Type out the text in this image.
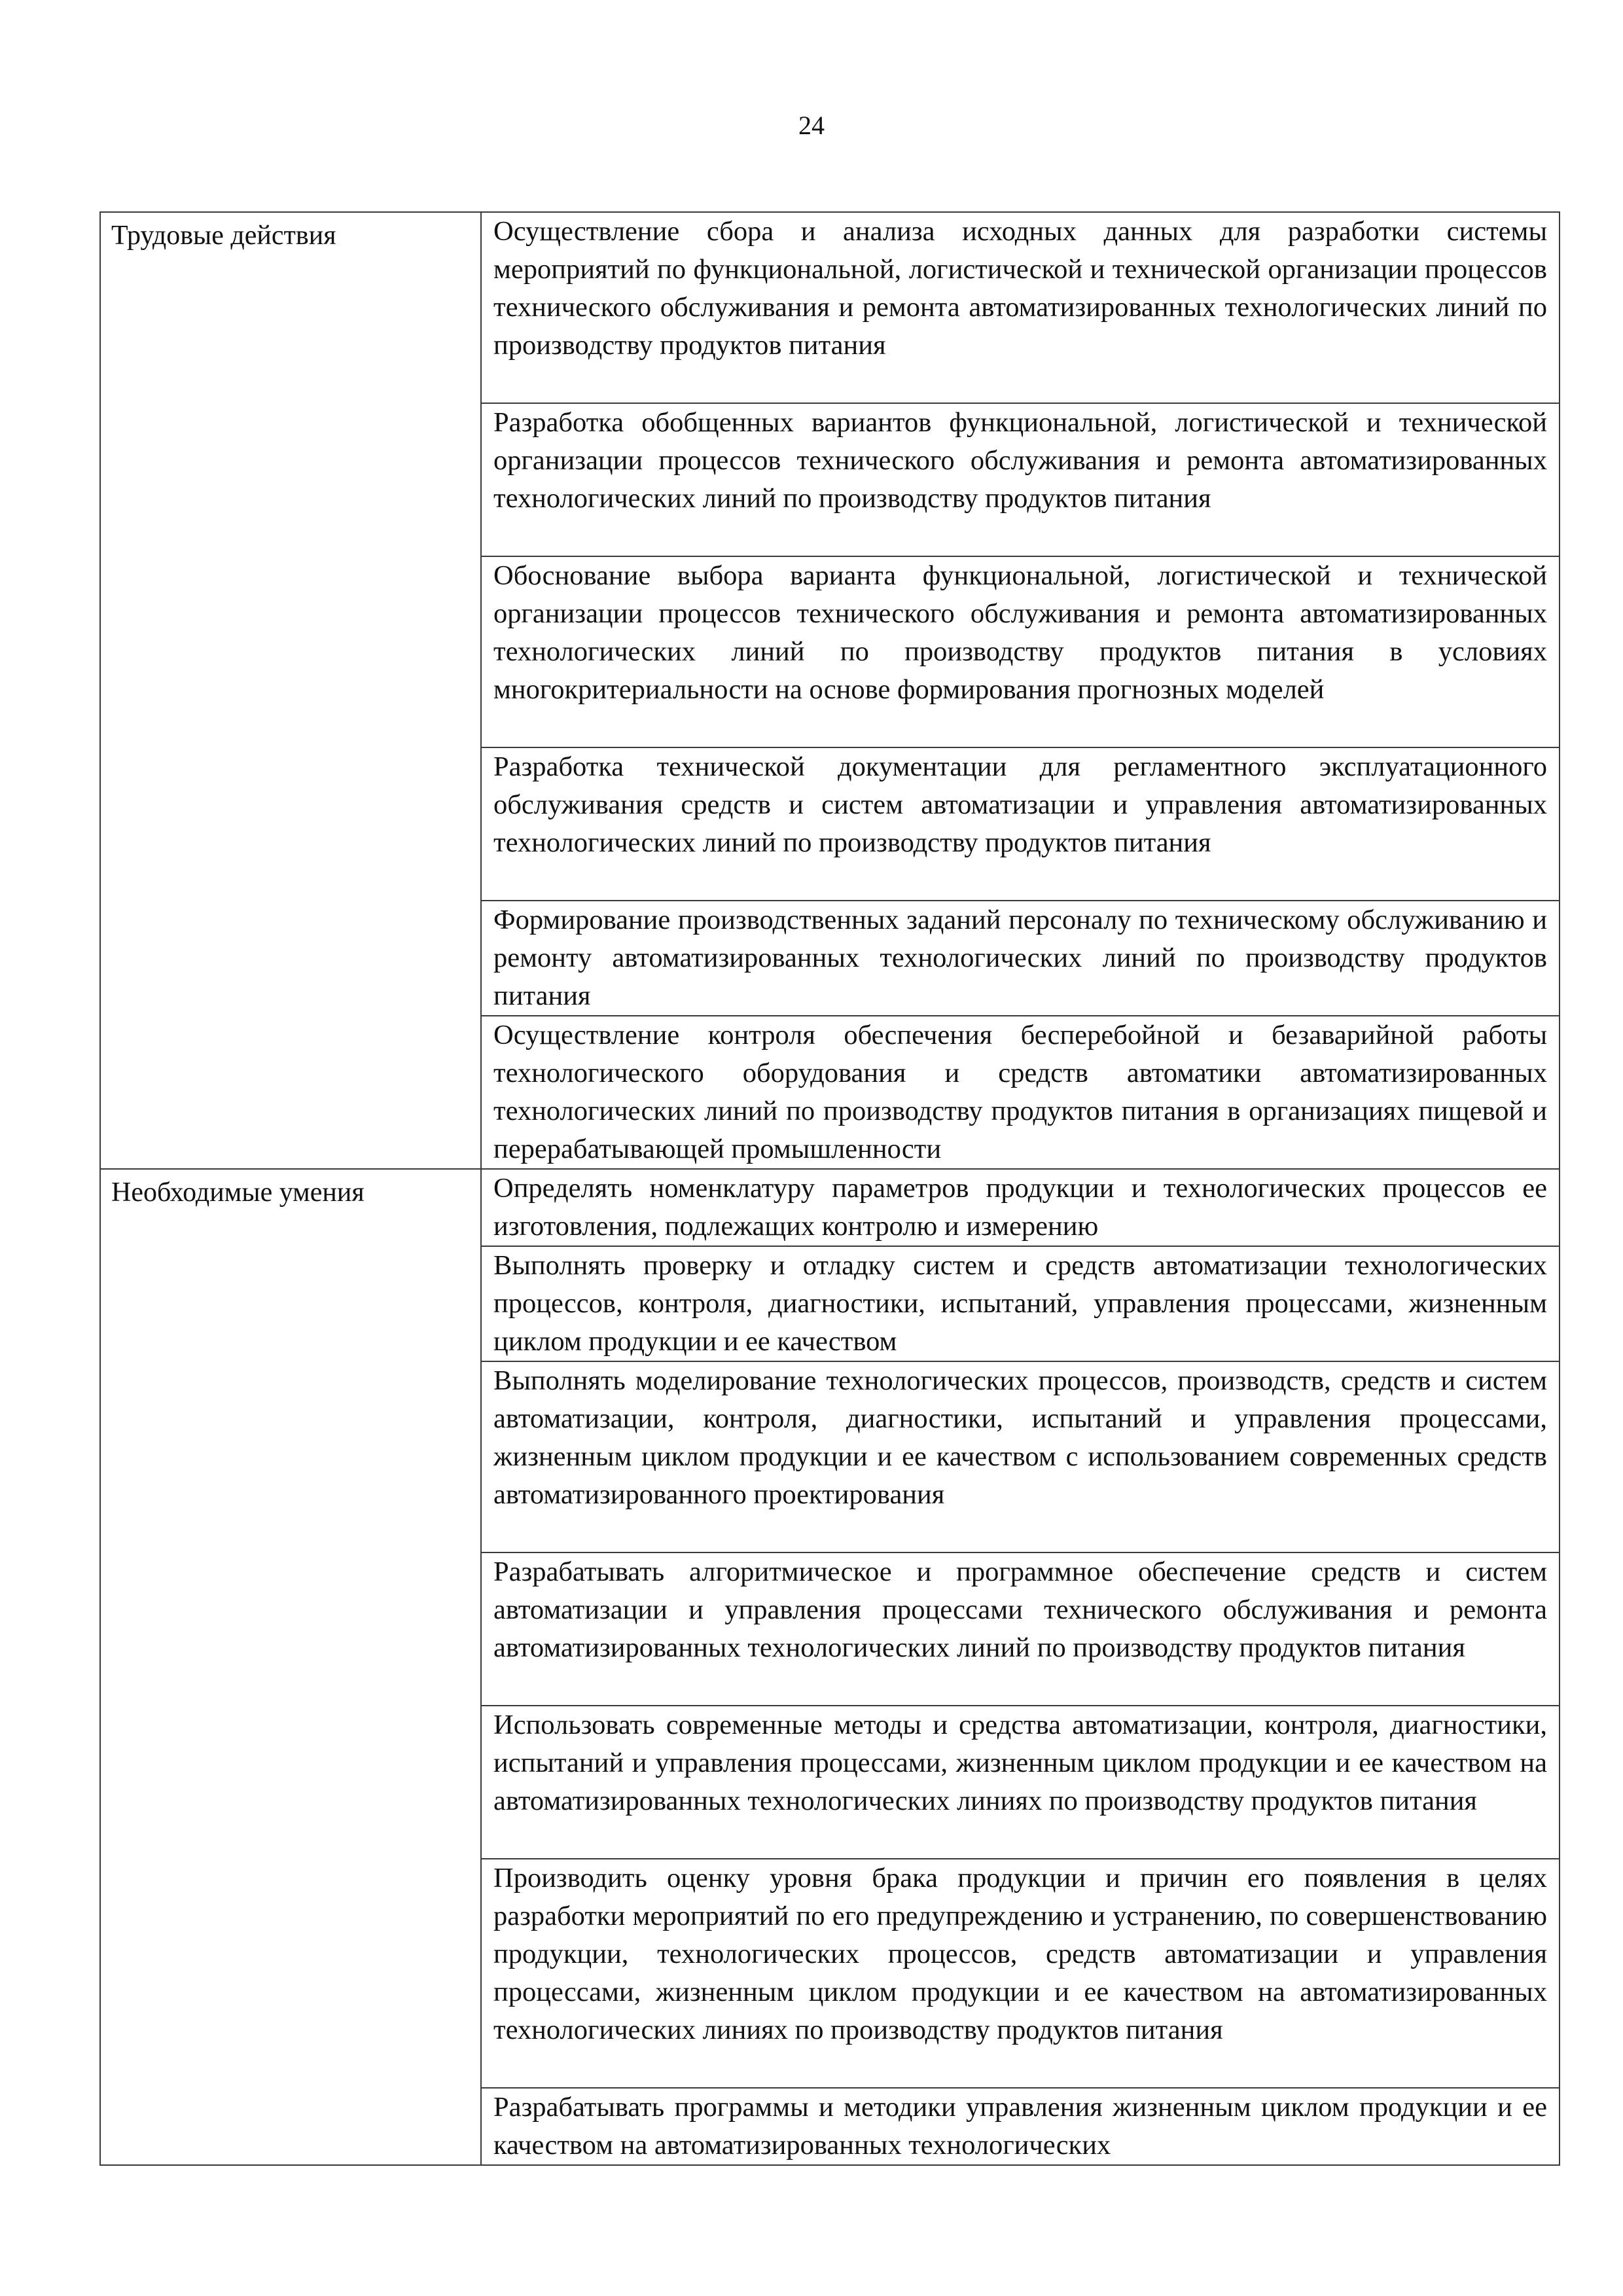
24
Трудовые действия	Осуществление сбора и анализа исходных данных для разработки системы мероприятий по функциональной, логистической и технической организации процессов технического обслуживания и ремонта автоматизированных технологических линий по производству продуктов питания

	Разработка обобщенных вариантов функциональной, логистической и технической организации процессов технического обслуживания и ремонта автоматизированных технологических линий по производству продуктов питания

	Обоснование выбора варианта функциональной, логистической и технической организации процессов технического обслуживания и ремонта автоматизированных технологических линий по производству продуктов питания в условиях многокритериальности на основе формирования прогнозных моделей

	Разработка технической документации для регламентного эксплуатационного обслуживания средств и систем автоматизации и управления автоматизированных технологических линий по производству продуктов питания

	Формирование производственных заданий персоналу по техническому обслуживанию и ремонту автоматизированных технологических линий по производству продуктов питания

	Осуществление контроля обеспечения бесперебойной и безаварийной работы технологического оборудования и средств автоматики автоматизированных технологических линий по производству продуктов питания в организациях пищевой и перерабатывающей промышленности

Необходимые умения	Определять номенклатуру параметров продукции и технологических процессов ее изготовления, подлежащих контролю и измерению

	Выполнять проверку и отладку систем и средств автоматизации технологических процессов, контроля, диагностики, испытаний, управления процессами, жизненным циклом продукции и ее качеством

	Выполнять моделирование технологических процессов, производств, средств и систем автоматизации, контроля, диагностики, испытаний и управления процессами, жизненным циклом продукции и ее качеством с использованием современных средств автоматизированного проектирования

	Разрабатывать алгоритмическое и программное обеспечение средств и систем автоматизации и управления процессами технического обслуживания и ремонта автоматизированных технологических линий по производству продуктов питания

	Использовать современные методы и средства автоматизации, контроля, диагностики, испытаний и управления процессами, жизненным циклом продукции и ее качеством на автоматизированных технологических линиях по производству продуктов питания

	Производить оценку уровня брака продукции и причин его появления в целях разработки мероприятий по его предупреждению и устранению, по совершенствованию продукции, технологических процессов, средств автоматизации и управления процессами, жизненным циклом продукции и ее качеством на автоматизированных технологических линиях по производству продуктов питания

	Разрабатывать программы и методики управления жизненным циклом продукции и ее качеством на автоматизированных технологических
